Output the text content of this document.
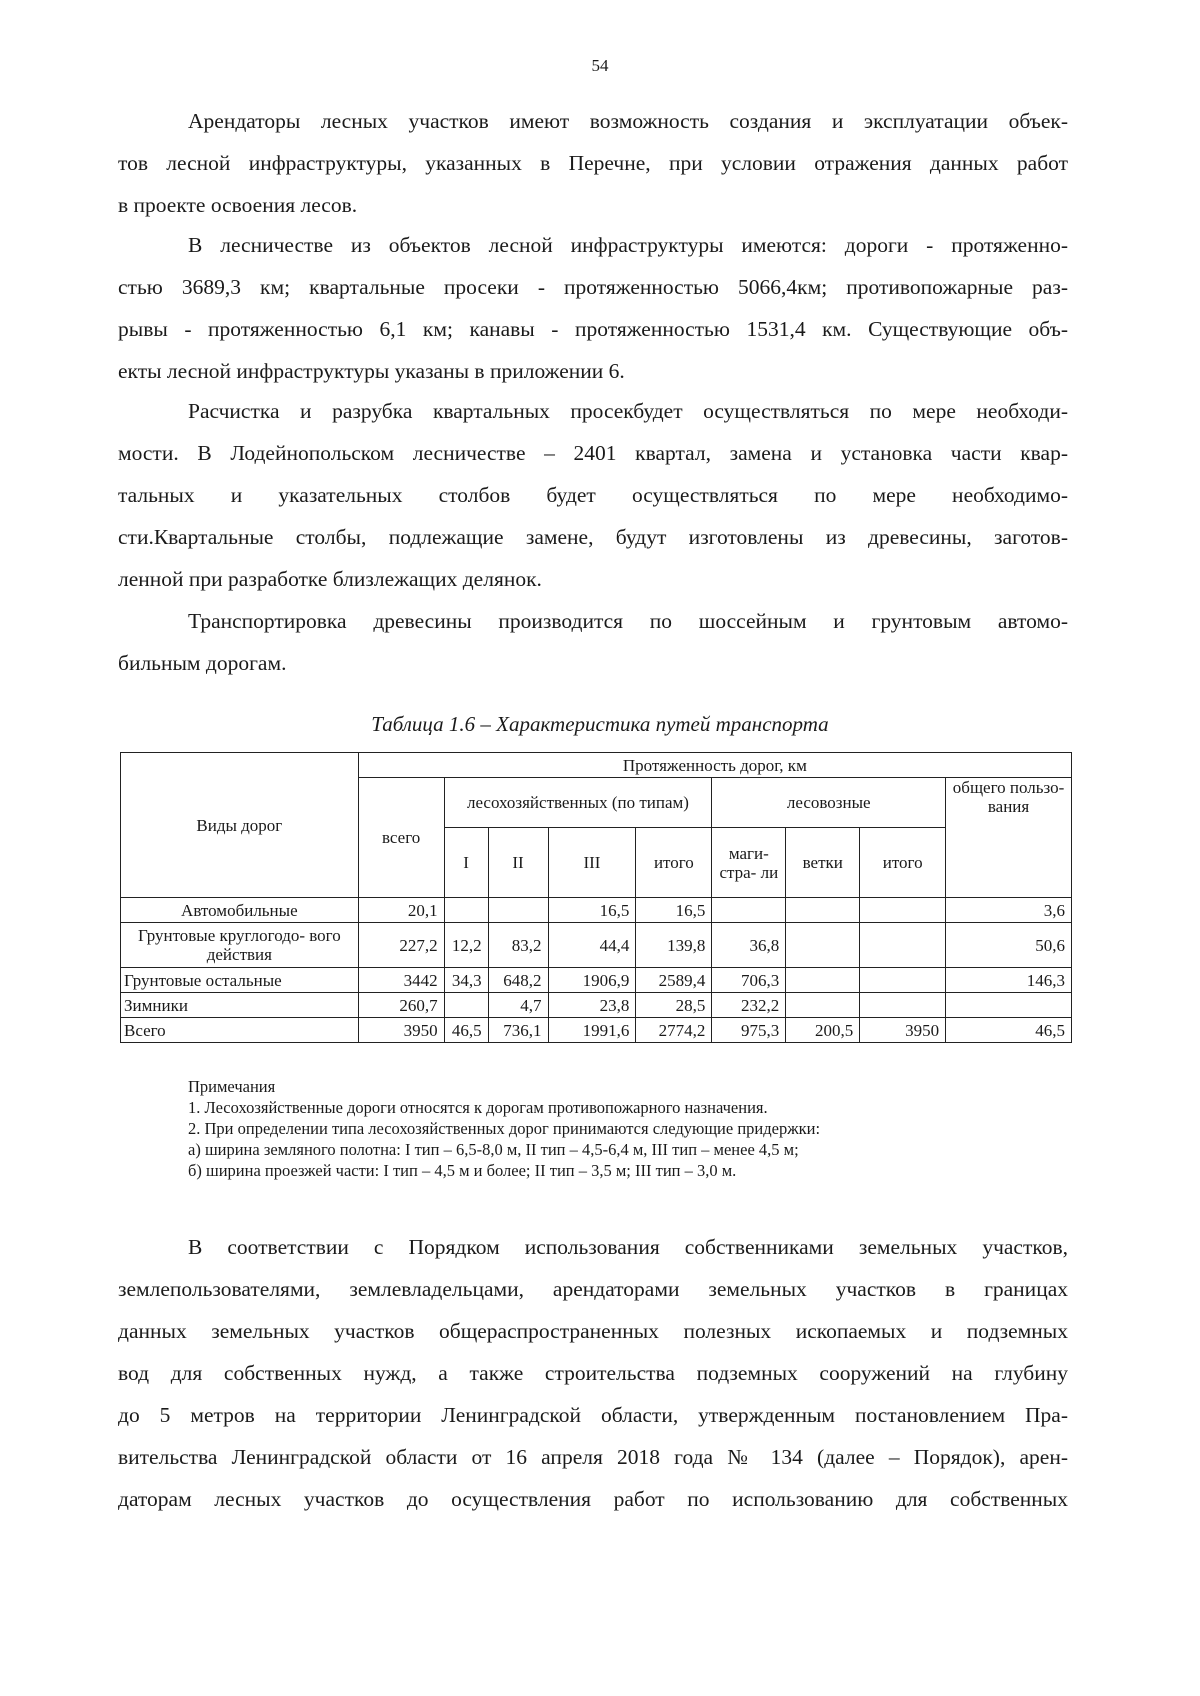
54
Арендаторы лесных участков имеют возможность создания и эксплуатации объек-
тов лесной инфраструктуры, указанных в Перечне, при условии отражения данных работ
в проекте освоения лесов.
В лесничестве из объектов лесной инфраструктуры имеются: дороги - протяженно-
стью 3689,3 км; квартальные просеки - протяженностью 5066,4км; противопожарные раз-
рывы - протяженностью 6,1 км; канавы - протяженностью 1531,4 км. Существующие объ-
екты лесной инфраструктуры указаны в приложении 6.
Расчистка и разрубка квартальных просекбудет осуществляться по мере необходи-
мости. В Лодейнопольском лесничестве – 2401 квартал, замена и установка части квар-
тальных и указательных столбов будет осуществляться по мере необходимо-
сти.Квартальные столбы, подлежащие замене, будут изготовлены из древесины, заготов-
ленной при разработке близлежащих делянок.
Транспортировка древесины производится по шоссейным и грунтовым автомо-
бильным дорогам.
Таблица 1.6 – Характеристика путей транспорта
Виды дорог	Протяженность дорог, км								
	всего	лесохозяйственных (по типам)				лесовозные			общего пользо- вания
		I	II	III	итого	маги- стра- ли	ветки	итого	

Автомобильные	20,1			16,5	16,5				3,6
Грунтовые круглогодо- вого действия	227,2	12,2	83,2	44,4	139,8	36,8			50,6
Грунтовые остальные	3442	34,3	648,2	1906,9	2589,4	706,3			146,3
Зимники	260,7		4,7	23,8	28,5	232,2			
Всего	3950	46,5	736,1	1991,6	2774,2	975,3	200,5	3950	46,5
Примечания
1. Лесохозяйственные дороги относятся к дорогам противопожарного назначения.
2. При определении типа лесохозяйственных дорог принимаются следующие придержки:
а) ширина земляного полотна: I тип – 6,5-8,0 м, II тип – 4,5-6,4 м, III тип – менее 4,5 м;
б) ширина проезжей части: I тип – 4,5 м и более; II тип – 3,5 м; III тип – 3,0 м.
В соответствии с Порядком использования собственниками земельных участков,
землепользователями, землевладельцами, арендаторами земельных участков в границах
данных земельных участков общераспространенных полезных ископаемых и подземных
вод для собственных нужд, а также строительства подземных сооружений на глубину
до 5 метров на территории Ленинградской области, утвержденным постановлением Пра-
вительства Ленинградской области от 16 апреля 2018 года № 134 (далее – Порядок), арен-
даторам лесных участков до осуществления работ по использованию для собственных
